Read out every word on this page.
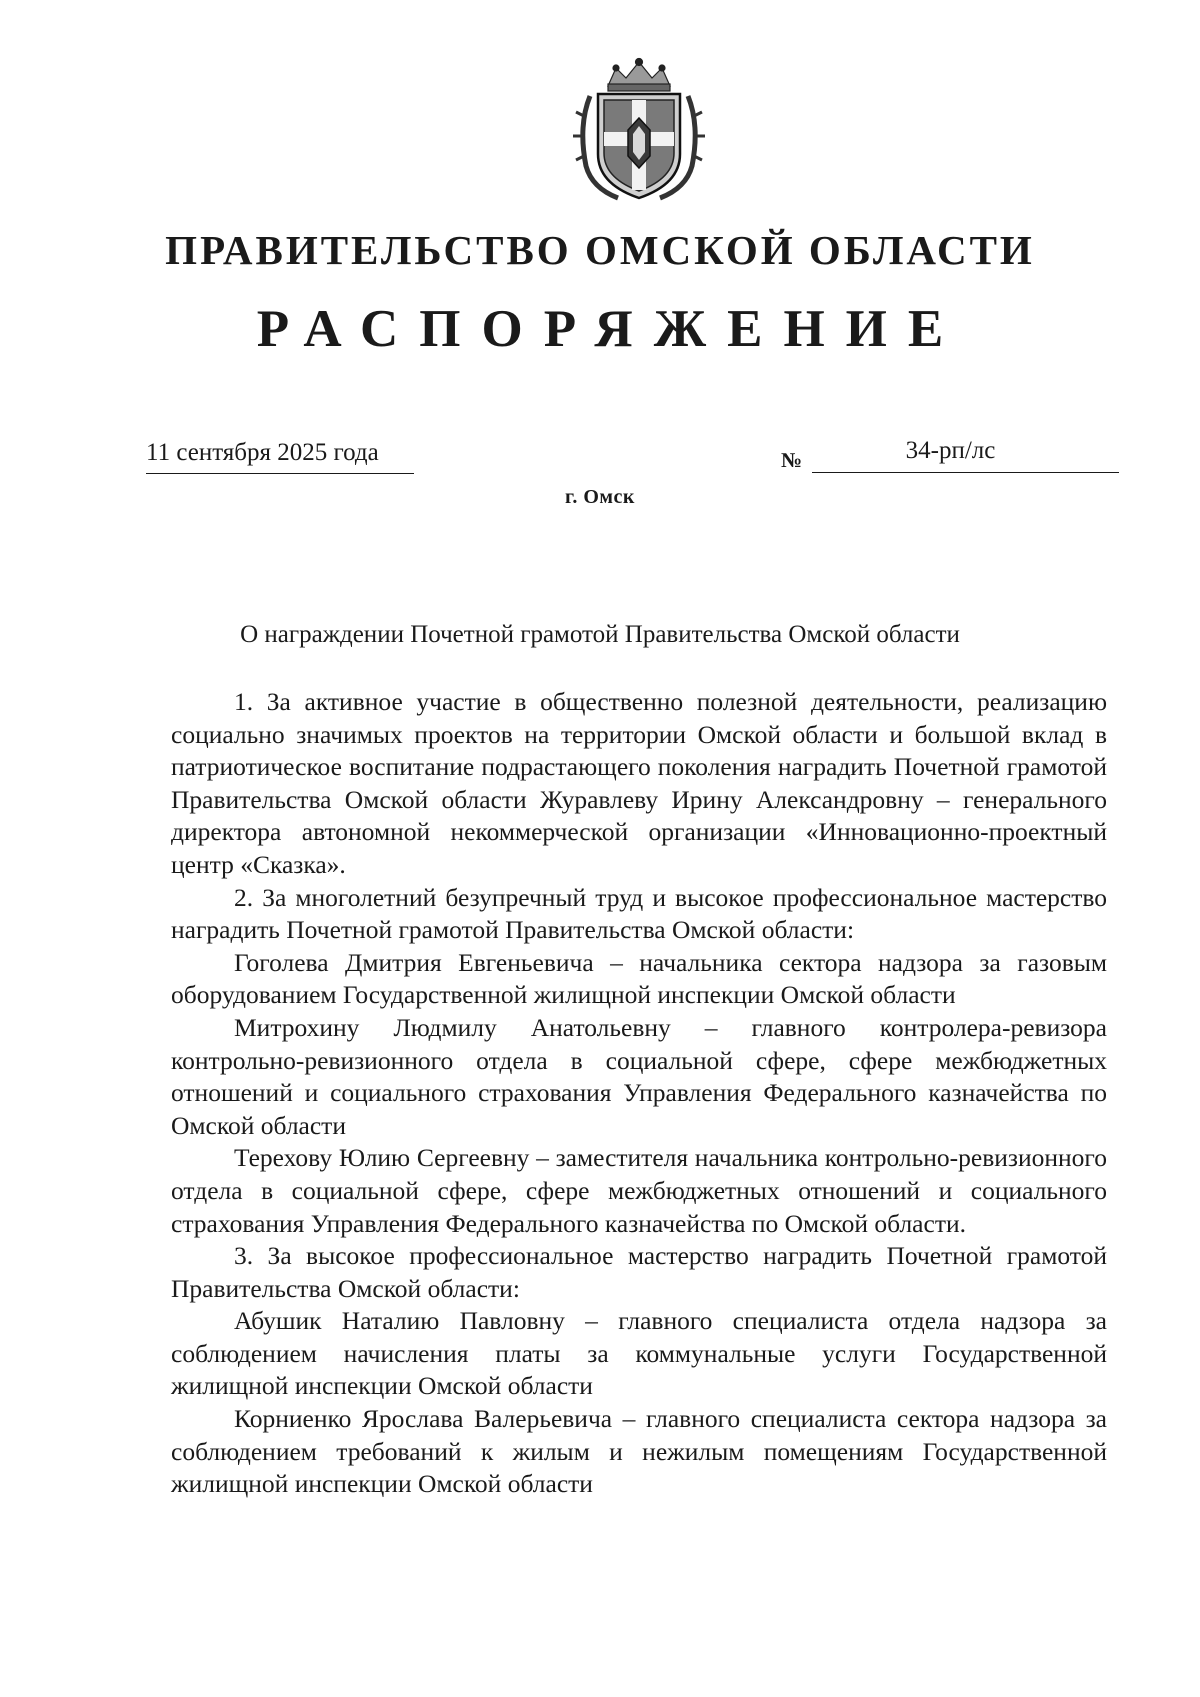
ПРАВИТЕЛЬСТВО ОМСКОЙ ОБЛАСТИ
РАСПОРЯЖЕНИЕ
11 сентября 2025 года	№	34-рп/лс
г. Омск
О награждении Почетной грамотой Правительства Омской области

1. За активное участие в общественно полезной деятельности, реализацию социально значимых проектов на территории Омской области и большой вклад в патриотическое воспитание подрастающего поколения наградить Почетной грамотой Правительства Омской области Журавлеву Ирину Александровну – генерального директора автономной некоммерческой организации «Инновационно-проектный центр «Сказка».

2. За многолетний безупречный труд и высокое профессиональное мастерство наградить Почетной грамотой Правительства Омской области:

Гоголева Дмитрия Евгеньевича – начальника сектора надзора за газовым оборудованием Государственной жилищной инспекции Омской области

Митрохину Людмилу Анатольевну – главного контролера-ревизора контрольно-ревизионного отдела в социальной сфере, сфере межбюджетных отношений и социального страхования Управления Федерального казначейства по Омской области

Терехову Юлию Сергеевну – заместителя начальника контрольно-ревизионного отдела в социальной сфере, сфере межбюджетных отношений и социального страхования Управления Федерального казначейства по Омской области.

3. За высокое профессиональное мастерство наградить Почетной грамотой Правительства Омской области:

Абушик Наталию Павловну – главного специалиста отдела надзора за соблюдением начисления платы за коммунальные услуги Государственной жилищной инспекции Омской области

Корниенко Ярослава Валерьевича – главного специалиста сектора надзора за соблюдением требований к жилым и нежилым помещениям Государственной жилищной инспекции Омской области
